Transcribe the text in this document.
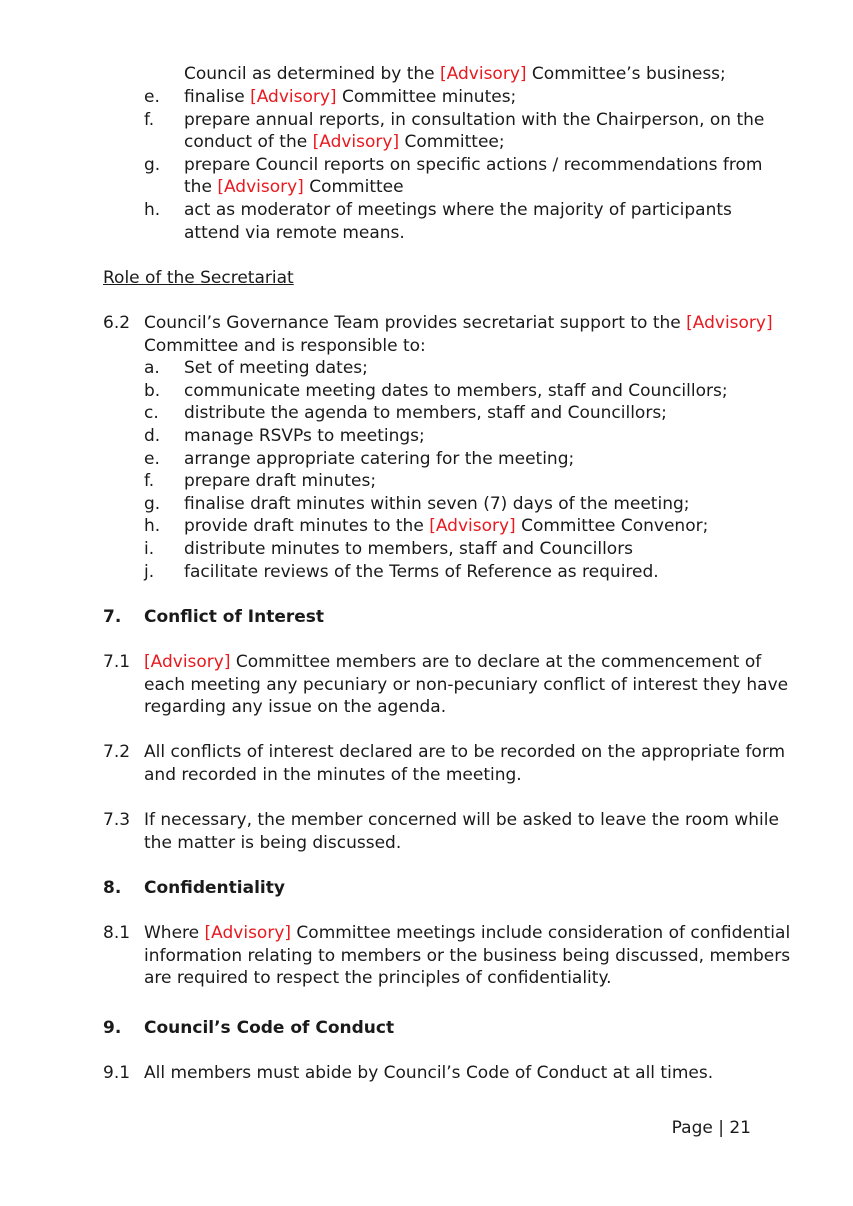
Council as determined by the [Advisory] Committee’s business;
e. finalise [Advisory] Committee minutes;
f. prepare annual reports, in consultation with the Chairperson, on the
conduct of the [Advisory] Committee;
g. prepare Council reports on specific actions / recommendations from
the [Advisory] Committee
h. act as moderator of meetings where the majority of participants
attend via remote means.
Role of the Secretariat
6.2 Council’s Governance Team provides secretariat support to the [Advisory]
Committee and is responsible to:
a. Set of meeting dates;
b. communicate meeting dates to members, staff and Councillors;
c. distribute the agenda to members, staff and Councillors;
d. manage RSVPs to meetings;
e. arrange appropriate catering for the meeting;
f. prepare draft minutes;
g. finalise draft minutes within seven (7) days of the meeting;
h. provide draft minutes to the [Advisory] Committee Convenor;
i. distribute minutes to members, staff and Councillors
j. facilitate reviews of the Terms of Reference as required.
7. Conflict of Interest
7.1 [Advisory] Committee members are to declare at the commencement of
each meeting any pecuniary or non-pecuniary conflict of interest they have
regarding any issue on the agenda.
7.2 All conflicts of interest declared are to be recorded on the appropriate form
and recorded in the minutes of the meeting.
7.3 If necessary, the member concerned will be asked to leave the room while
the matter is being discussed.
8. Confidentiality
8.1 Where [Advisory] Committee meetings include consideration of confidential
information relating to members or the business being discussed, members
are required to respect the principles of confidentiality.
9. Council’s Code of Conduct
9.1 All members must abide by Council’s Code of Conduct at all times.
Page | 21
